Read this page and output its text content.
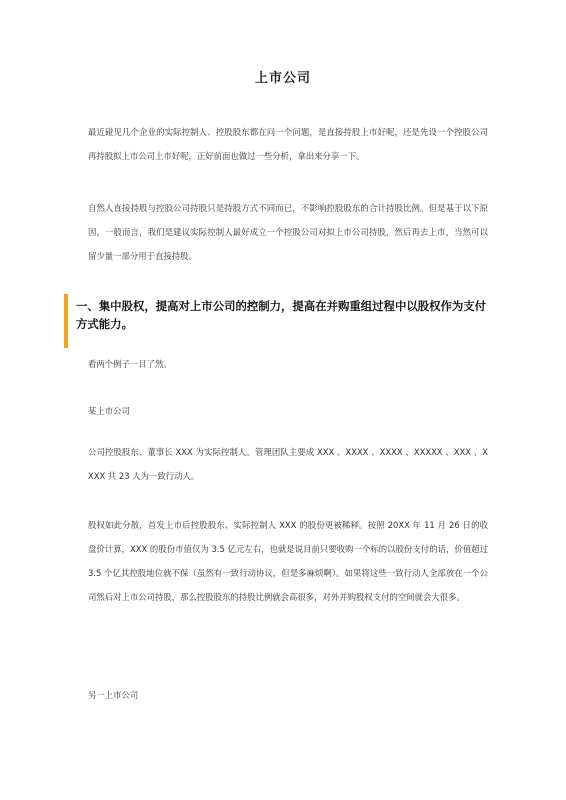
上市公司

最近碰见几个企业的实际控制人、控股股东都在问一个问题，是直接持股上市好呢，还是先设一个控股公司再持股拟上市公司上市好呢，正好前面也做过一些分析，拿出来分享一下。

自然人直接持股与控股公司持股只是持股方式不同而已，不影响控股股东的合计持股比例。但是基于以下原因，一般而言，我们是建议实际控制人最好成立一个控股公司对拟上市公司持股，然后再去上市，当然可以留少量一部分用于直接持股。

一、集中股权，提高对上市公司的控制力，提高在并购重组过程中以股权作为支付方式能力。

看两个例子一目了然。

某上市公司

公司控股股东、董事长 XXX 为实际控制人。管理团队主要成 XXX 、XXXX 、XXXX 、XXXXX 、XXX 、XXXX 共 23 人为一致行动人。

股权如此分散，首发上市后控股股东、实际控制人 XXX 的股份更被稀释。按照 20XX 年 11 月 26 日的收盘价计算，XXX 的股份市值仅为 3.5 亿元左右，也就是说目前只要收购一个标的以股份支付的话，价值超过 3.5 个亿其控股地位就不保（虽然有一致行动协议，但是多麻烦啊）。如果将这些一致行动人全部放在一个公司然后对上市公司持股，那么控股股东的持股比例就会高很多，对外并购股权支付的空间就会大很多。

另一上市公司
